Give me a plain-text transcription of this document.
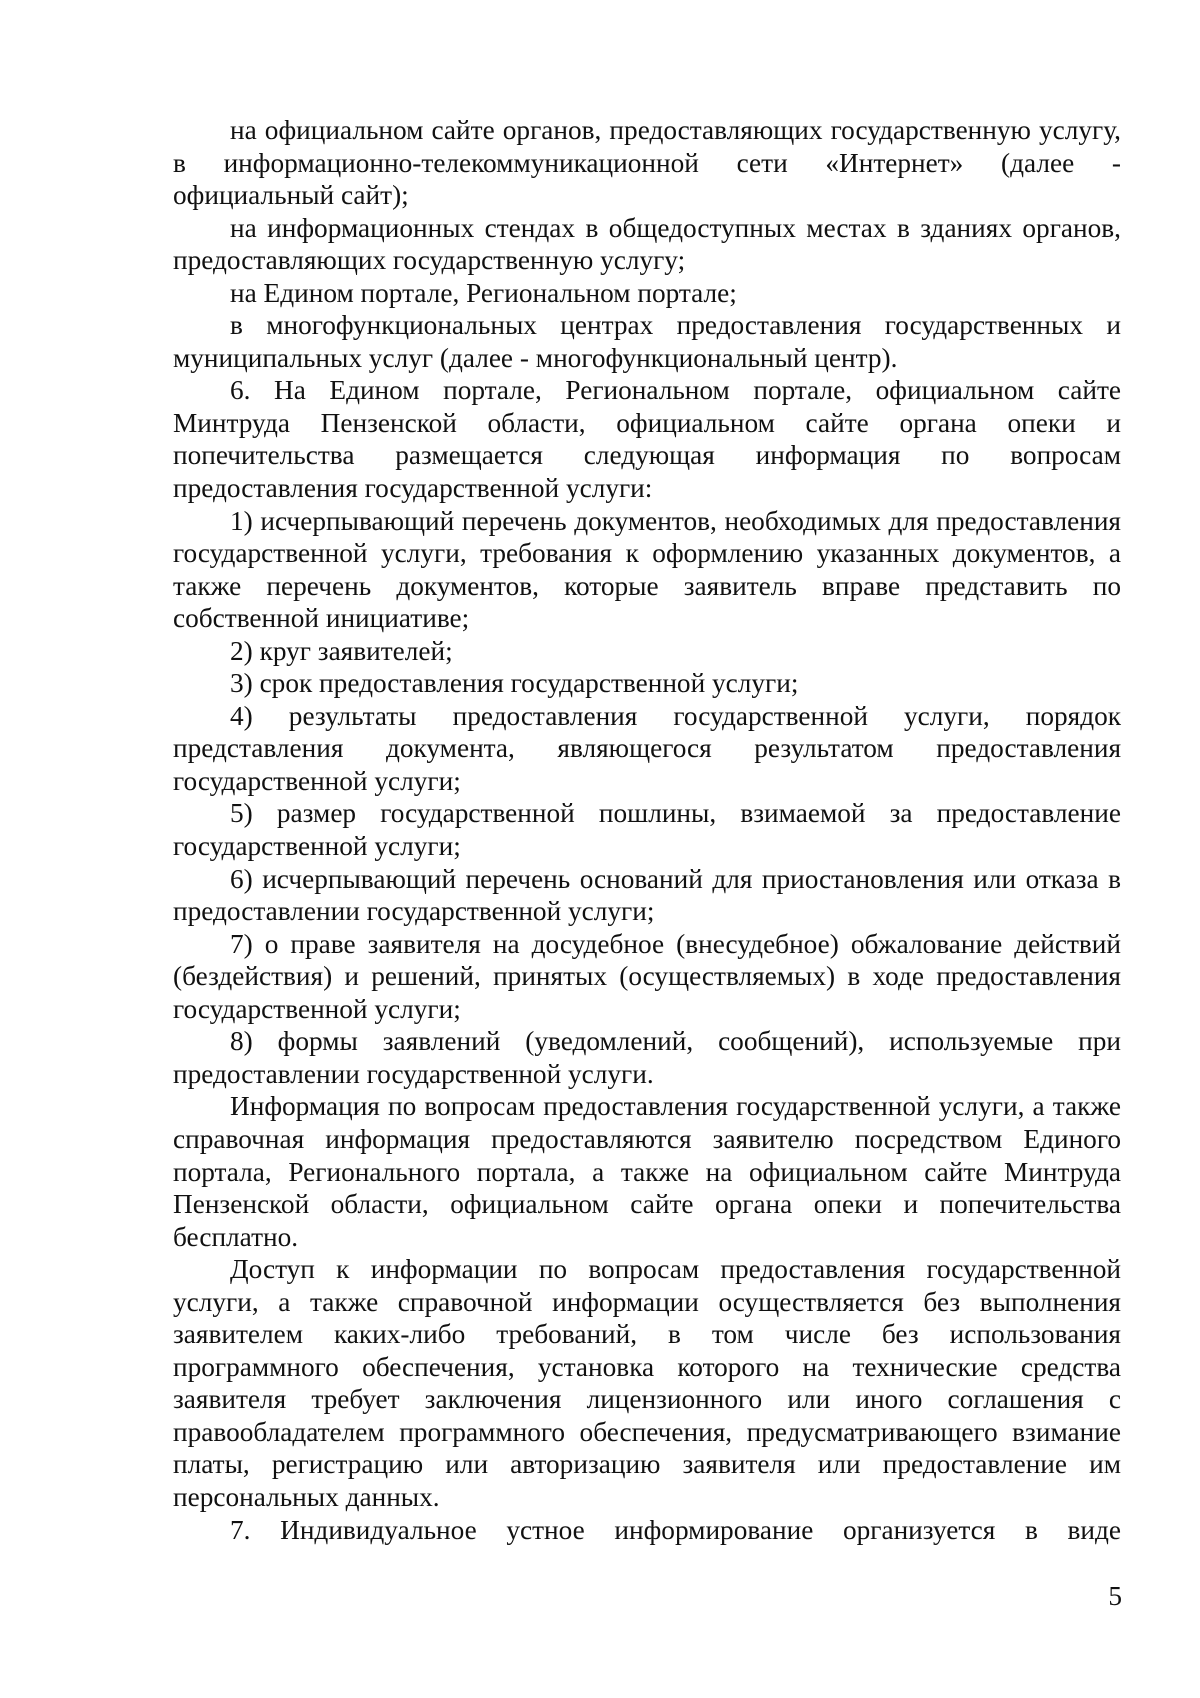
на официальном сайте органов, предоставляющих государственную услугу, в информационно-телекоммуникационной сети «Интернет» (далее - официальный сайт);

на информационных стендах в общедоступных местах в зданиях органов, предоставляющих государственную услугу;

на Едином портале, Региональном портале;

в многофункциональных центрах предоставления государственных и муниципальных услуг (далее - многофункциональный центр).

6. На Едином портале, Региональном портале, официальном сайте Минтруда Пензенской области, официальном сайте органа опеки и попечительства размещается следующая информация по вопросам предоставления государственной услуги:

1) исчерпывающий перечень документов, необходимых для предоставления государственной услуги, требования к оформлению указанных документов, а также перечень документов, которые заявитель вправе представить по собственной инициативе;

2) круг заявителей;

3) срок предоставления государственной услуги;

4) результаты предоставления государственной услуги, порядок представления документа, являющегося результатом предоставления государственной услуги;

5) размер государственной пошлины, взимаемой за предоставление государственной услуги;

6) исчерпывающий перечень оснований для приостановления или отказа в предоставлении государственной услуги;

7) о праве заявителя на досудебное (внесудебное) обжалование действий (бездействия) и решений, принятых (осуществляемых) в ходе предоставления государственной услуги;

8) формы заявлений (уведомлений, сообщений), используемые при предоставлении государственной услуги.

Информация по вопросам предоставления государственной услуги, а также справочная информация предоставляются заявителю посредством Единого портала, Регионального портала, а также на официальном сайте Минтруда Пензенской области, официальном сайте органа опеки и попечительства бесплатно.

Доступ к информации по вопросам предоставления государственной услуги, а также справочной информации осуществляется без выполнения заявителем каких-либо требований, в том числе без использования программного обеспечения, установка которого на технические средства заявителя требует заключения лицензионного или иного соглашения с правообладателем программного обеспечения, предусматривающего взимание платы, регистрацию или авторизацию заявителя или предоставление им персональных данных.

7. Индивидуальное устное информирование организуется в виде

5
